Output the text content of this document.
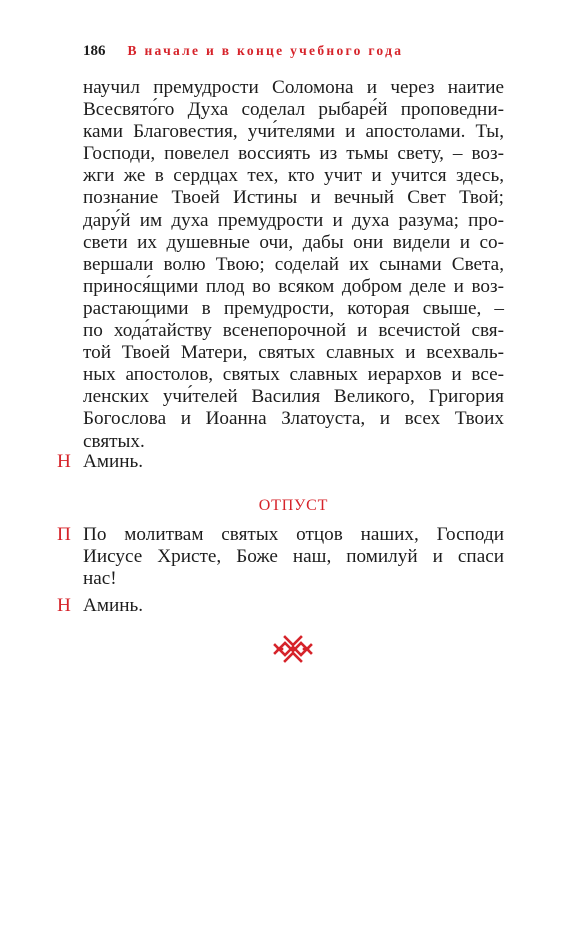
186 В начале и в конце учебного года
научил премудрости Соломона и через наитие
Всесвято́го Духа соделал рыбаре́й проповедни-
ками Благовестия, учи́телями и апостолами. Ты,
Господи, повелел воссиять из тьмы свету, – воз-
жги же в сердцах тех, кто учит и учится здесь,
познание Твоей Истины и вечный Свет Твой;
дару́й им духа премудрости и духа разума; про-
свети их душевные очи, дабы они видели и со-
вершали волю Твою; соделай их сынами Света,
принося́щими плод во всяком добром деле и воз-
растающими в премудрости, которая свыше, –
по хода́тайству всенепорочной и всечистой свя-
той Твоей Матери, святых славных и всехваль-
ных апостолов, святых славных иерархов и все-
ленских учи́телей Василия Великого, Григория
Богослова и Иоанна Златоуста, и всех Твоих
святых.
Н Аминь.
ОТПУСТ
П По молитвам святых отцов наших, Господи
Иисусе Христе, Боже наш, помилуй и спаси
нас!
Н Аминь.
